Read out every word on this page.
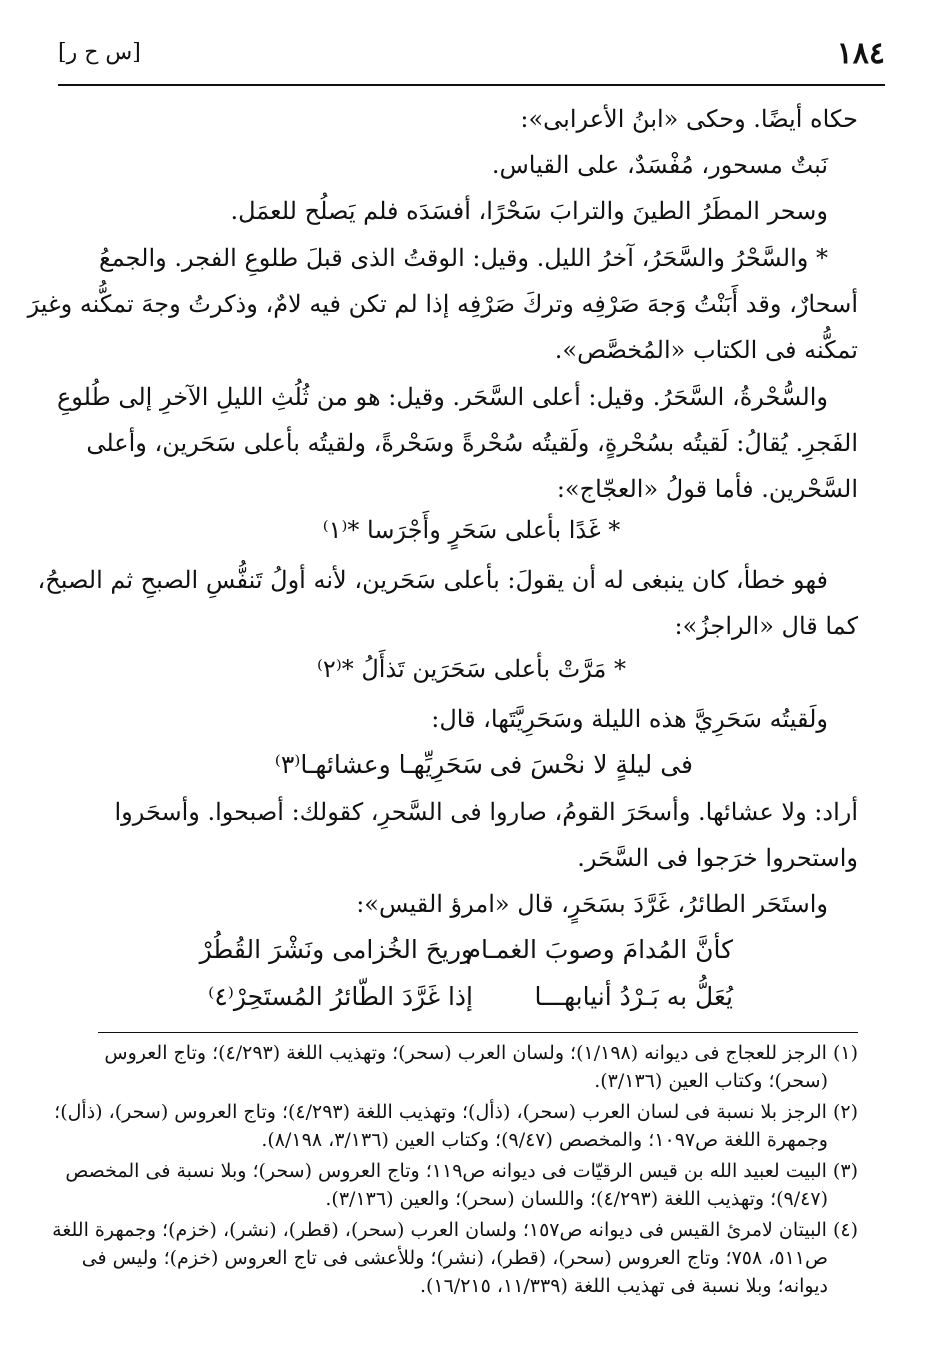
١٨٤
[س ح ر]
حكاه أيضًا. وحكى «ابنُ الأعرابى»:
نَبتٌ مسحور، مُفْسَدٌ، على القياس.
وسحر المطَرُ الطينَ والترابَ سَحْرًا، أفسَدَه فلم يَصلُح للعمَل.
* والسَّحْرُ والسَّحَرُ، آخرُ الليل. وقيل: الوقتُ الذى قبلَ طلوعِ الفجر. والجمعُ
أسحارٌ، وقد أَبَنْتُ وَجهَ صَرْفِه وتركَ صَرْفِه إذا لم تكن فيه لامٌ، وذكرتُ وجهَ تمكُّنه وغيرَ
تمكُّنه فى الكتاب «المُخصَّص».
والسُّحْرةُ، السَّحَرُ. وقيل: أعلى السَّحَر. وقيل: هو من ثُلُثِ الليلِ الآخرِ إلى طُلوعِ
الفَجرِ. يُقالُ: لَقيتُه بسُحْرةٍ، ولَقيتُه سُحْرةً وسَحْرةً، ولقيتُه بأعلى سَحَرين، وأعلى
السَّحْرين. فأما قولُ «العجّاج»:
* غَدًا بأعلى سَحَرٍ وأَجْرَسا *⁽١⁾
فهو خطأ، كان ينبغى له أن يقولَ: بأعلى سَحَرين، لأنه أولُ تَنفُّسِ الصبحِ ثم الصبحُ،
كما قال «الراجزُ»:
* مَرَّتْ بأعلى سَحَرَين تَذأَلُ *⁽٢⁾
ولَقيتُه سَحَرِيَّ هذه الليلة وسَحَرِيَّتَها، قال:
فى ليلةٍ لا نحْسَ فى
سَحَرِيِّهـا وعشائهـا⁽٣⁾
أراد: ولا عشائها. وأسحَرَ القومُ، صاروا فى السَّحرِ، كقولك: أصبحوا. وأسحَروا
واستحروا خرَجوا فى السَّحَر.
واستَحَر الطائرُ، غَرَّدَ بسَحَرٍ، قال «امرؤ القيس»:
كأنَّ المُدامَ وصوبَ الغمـام
وريحَ الخُزامى ونَشْرَ القُطُرْ
يُعَلُّ به بَـرْدُ أنيابهـــا
إذا غَرَّدَ الطّائرُ المُستَحِرْ⁽٤⁾
(١) الرجز للعجاج فى ديوانه (١/١٩٨)؛ ولسان العرب (سحر)؛ وتهذيب اللغة (٤/٢٩٣)؛ وتاج العروس
(سحر)؛ وكتاب العين (٣/١٣٦).
(٢) الرجز بلا نسبة فى لسان العرب (سحر)، (ذأل)؛ وتهذيب اللغة (٤/٢٩٣)؛ وتاج العروس (سحر)، (ذأل)؛
وجمهرة اللغة ص١٠٩٧؛ والمخصص (٩/٤٧)؛ وكتاب العين (٣/١٣٦، ٨/١٩٨).
(٣) البيت لعبيد الله بن قيس الرقيّات فى ديوانه ص١١٩؛ وتاج العروس (سحر)؛ وبلا نسبة فى المخصص
(٩/٤٧)؛ وتهذيب اللغة (٤/٢٩٣)؛ واللسان (سحر)؛ والعين (٣/١٣٦).
(٤) البيتان لامرئ القيس فى ديوانه ص١٥٧؛ ولسان العرب (سحر)، (قطر)، (نشر)، (خزم)؛ وجمهرة اللغة
ص٥١١، ٧٥٨؛ وتاج العروس (سحر)، (قطر)، (نشر)؛ وللأعشى فى تاج العروس (خزم)؛ وليس فى
ديوانه؛ وبلا نسبة فى تهذيب اللغة (١١/٣٣٩، ١٦/٢١٥).
